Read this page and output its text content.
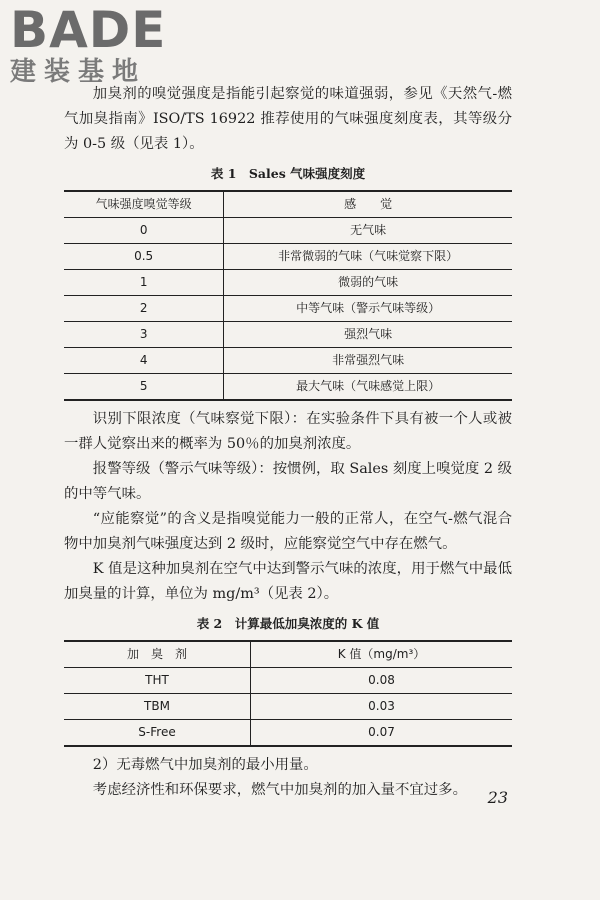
BADE
建装基地

加臭剂的嗅觉强度是指能引起察觉的味道强弱，参见《天然气-燃气加臭指南》ISO/TS 16922 推荐使用的气味强度刻度表，其等级分为 0-5 级（见表 1）。

表 1　Sales 气味强度刻度
气味强度嗅觉等级	感　　觉
0	无气味
0.5	非常微弱的气味（气味觉察下限）
1	微弱的气味
2	中等气味（警示气味等级）
3	强烈气味
4	非常强烈气味
5	最大气味（气味感觉上限）

识别下限浓度（气味察觉下限）：在实验条件下具有被一个人或被一群人觉察出来的概率为 50％的加臭剂浓度。

报警等级（警示气味等级）：按惯例，取 Sales 刻度上嗅觉度 2 级的中等气味。

“应能察觉”的含义是指嗅觉能力一般的正常人，在空气-燃气混合物中加臭剂气味强度达到 2 级时，应能察觉空气中存在燃气。

K 值是这种加臭剂在空气中达到警示气味的浓度，用于燃气中最低加臭量的计算，单位为 mg/m³（见表 2）。

表 2　计算最低加臭浓度的 K 值
加　臭　剂	K 值（mg/m³）
THT	0.08
TBM	0.03
S-Free	0.07

2）无毒燃气中加臭剂的最小用量。

考虑经济性和环保要求，燃气中加臭剂的加入量不宜过多。	23
